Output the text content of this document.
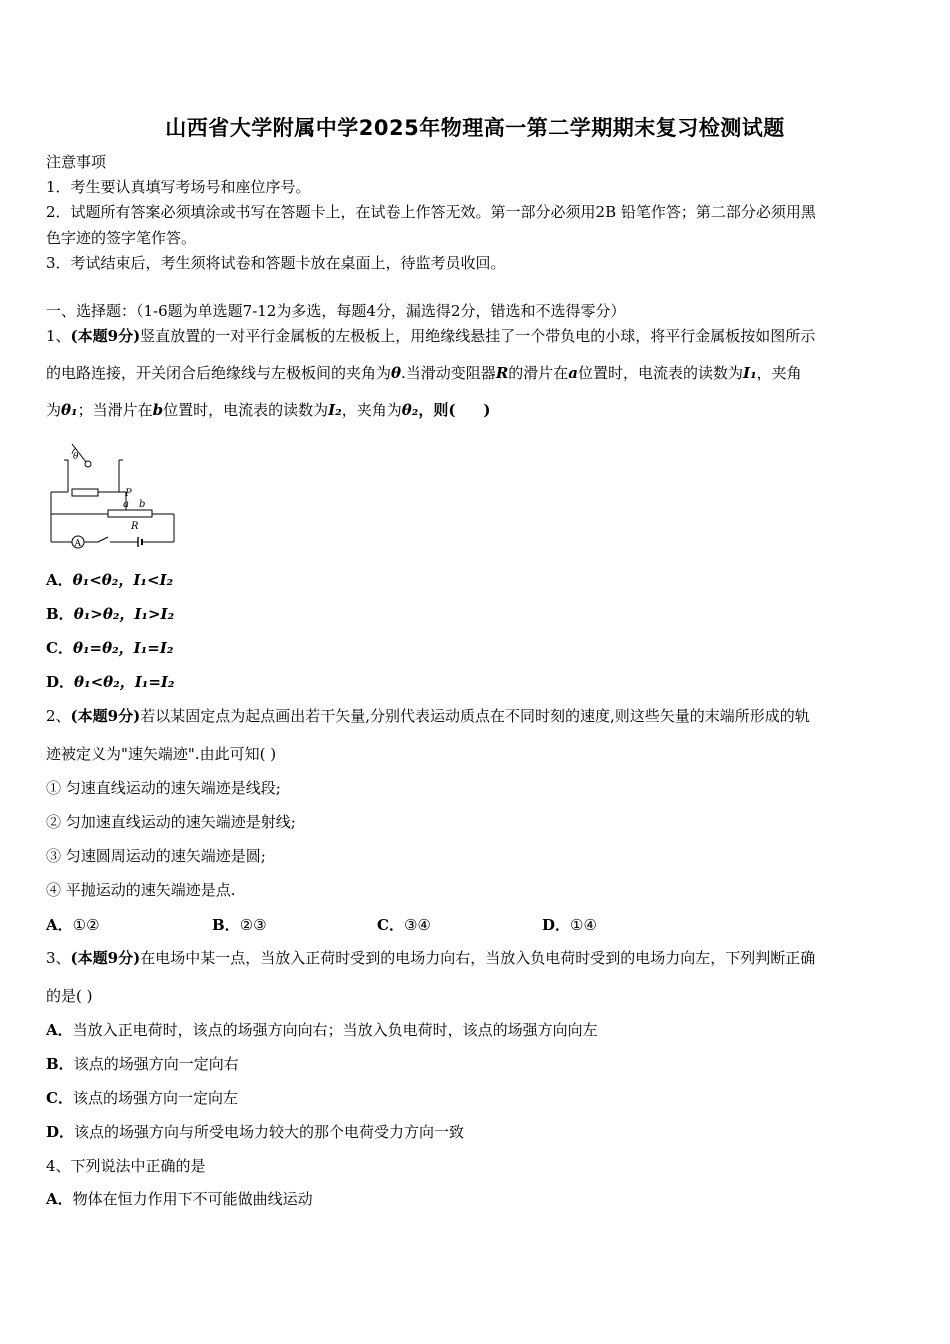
山西省大学附属中学2025年物理高一第二学期期末复习检测试题
注意事项
1．考生要认真填写考场号和座位序号。
2．试题所有答案必须填涂或书写在答题卡上，在试卷上作答无效。第一部分必须用2B 铅笔作答；第二部分必须用黑
色字迹的签字笔作答。
3．考试结束后，考生须将试卷和答题卡放在桌面上，待监考员收回。
一、选择题：（1-6题为单选题7-12为多选，每题4分，漏选得2分，错选和不选得零分）
1、(本题9分)竖直放置的一对平行金属板的左极板上，用绝缘线悬挂了一个带负电的小球，将平行金属板按如图所示
的电路连接，开关闭合后绝缘线与左极板间的夹角为θ.当滑动变阻器R的滑片在a位置时，电流表的读数为I₁，夹角
为θ₁；当滑片在b位置时，电流表的读数为I₂，夹角为θ₂，则( )
θ
P
a b
R
A
A．θ₁<θ₂，I₁<I₂
B．θ₁>θ₂，I₁>I₂
C．θ₁=θ₂，I₁=I₂
D．θ₁<θ₂，I₁=I₂
2、(本题9分)若以某固定点为起点画出若干矢量,分别代表运动质点在不同时刻的速度,则这些矢量的末端所形成的轨
迹被定义为"速矢端迹".由此可知( )
① 匀速直线运动的速矢端迹是线段;
② 匀加速直线运动的速矢端迹是射线;
③ 匀速圆周运动的速矢端迹是圆;
④ 平抛运动的速矢端迹是点.
A．①②	B．②③	C．③④	D．①④
3、(本题9分)在电场中某一点，当放入正荷时受到的电场力向右，当放入负电荷时受到的电场力向左，下列判断正确
的是( )
A．当放入正电荷时，该点的场强方向向右；当放入负电荷时，该点的场强方向向左
B．该点的场强方向一定向右
C．该点的场强方向一定向左
D．该点的场强方向与所受电场力较大的那个电荷受力方向一致
4、下列说法中正确的是
A．物体在恒力作用下不可能做曲线运动
